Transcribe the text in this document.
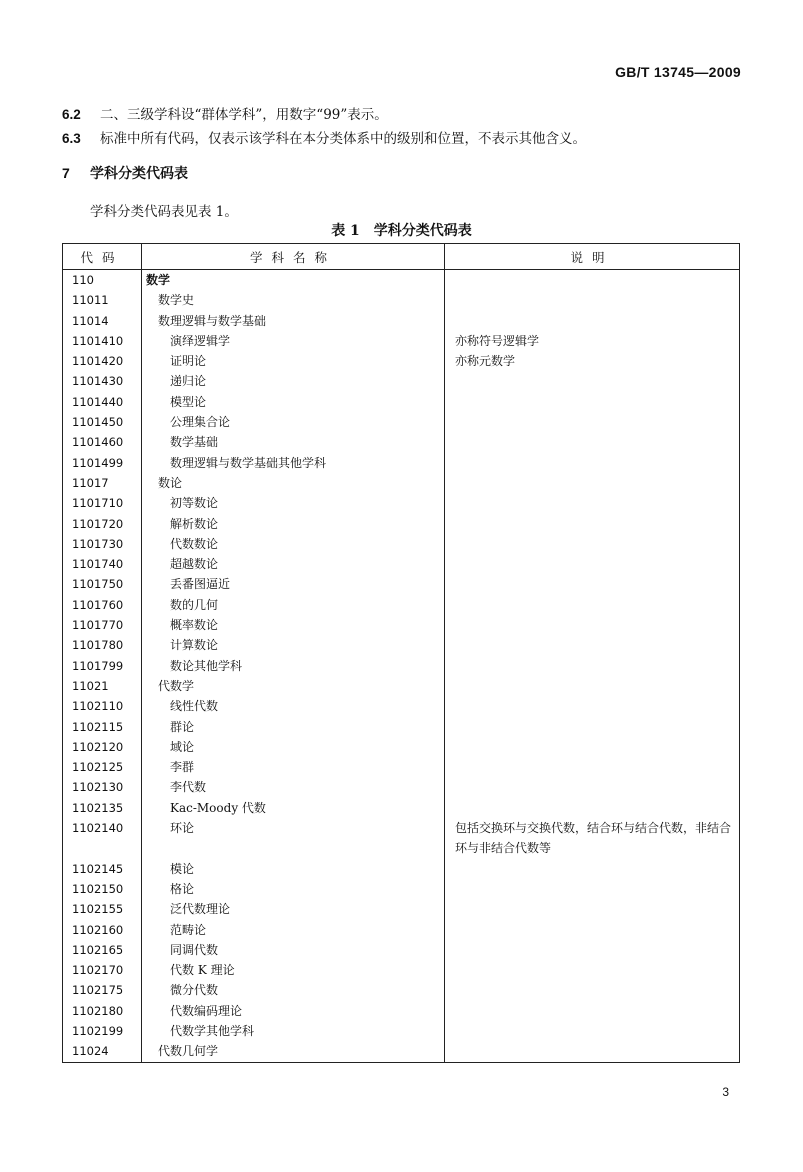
GB/T 13745—2009
6.2 二、三级学科设“群体学科”，用数字“99”表示。
6.3 标准中所有代码，仅表示该学科在本分类体系中的级别和位置，不表示其他含义。
7 学科分类代码表
学科分类代码表见表 1。
表 1　学科分类代码表
代码	学科名称	说明
110	数学	
11011	数学史	
11014	数理逻辑与数学基础	
1101410	演绎逻辑学	亦称符号逻辑学
1101420	证明论	亦称元数学
1101430	递归论	
1101440	模型论	
1101450	公理集合论	
1101460	数学基础	
1101499	数理逻辑与数学基础其他学科	
11017	数论	
1101710	初等数论	
1101720	解析数论	
1101730	代数数论	
1101740	超越数论	
1101750	丢番图逼近	
1101760	数的几何	
1101770	概率数论	
1101780	计算数论	
1101799	数论其他学科	
11021	代数学	
1102110	线性代数	
1102115	群论	
1102120	域论	
1102125	李群	
1102130	李代数	
1102135	Kac-Moody 代数	
1102140	环论	包括交换环与交换代数，结合环与结合代数，非结合环与非结合代数等
1102145	模论	
1102150	格论	
1102155	泛代数理论	
1102160	范畴论	
1102165	同调代数	
1102170	代数 K 理论	
1102175	微分代数	
1102180	代数编码理论	
1102199	代数学其他学科	
11024	代数几何学	
3
